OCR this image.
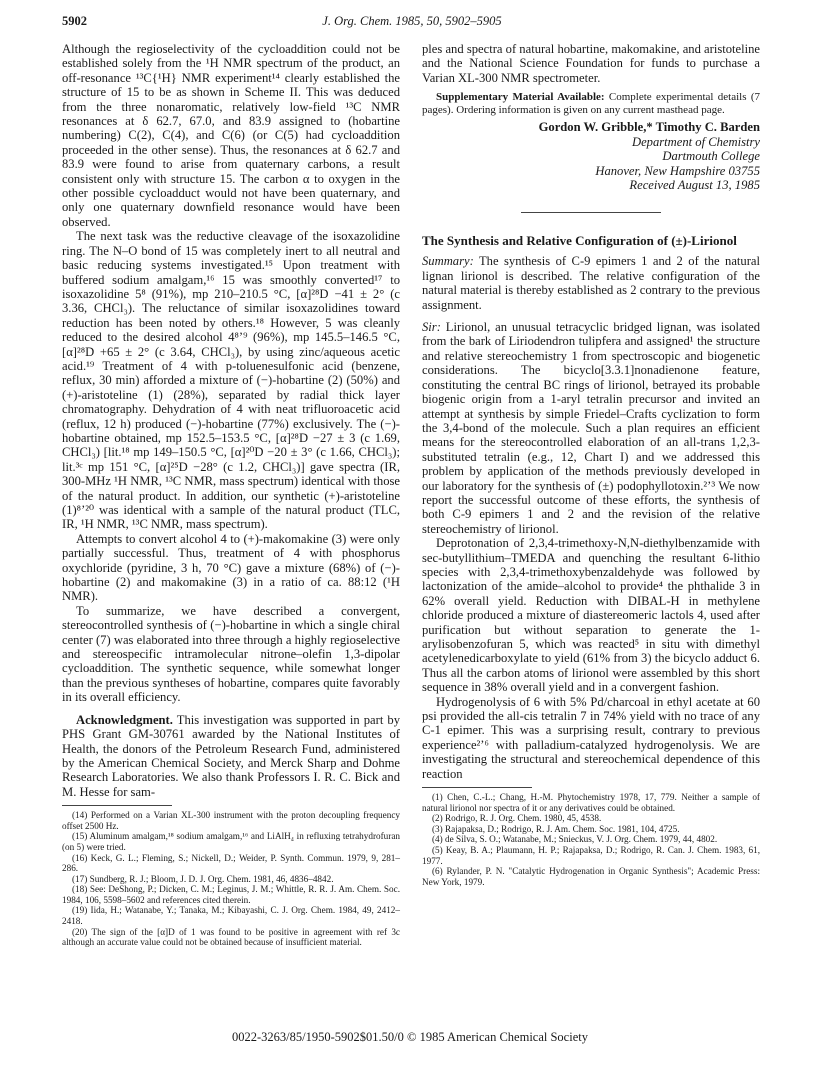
5902	J. Org. Chem. 1985, 50, 5902–5905

Although the regioselectivity of the cycloaddition could not be established solely from the ¹H NMR spectrum of the product, an off-resonance ¹³C{¹H} NMR experiment¹⁴ clearly established the structure of 15 to be as shown in Scheme II. This was deduced from the three nonaromatic, relatively low-field ¹³C NMR resonances at δ 62.7, 67.0, and 83.9 assigned to (hobartine numbering) C(2), C(4), and C(6) (or C(5) had cycloaddition proceeded in the other sense). Thus, the resonances at δ 62.7 and 83.9 were found to arise from quaternary carbons, a result consistent only with structure 15. The carbon α to oxygen in the other possible cycloadduct would not have been quaternary, and only one quaternary downfield resonance would have been observed.

The next task was the reductive cleavage of the isoxazolidine ring. The N–O bond of 15 was completely inert to all neutral and basic reducing systems investigated.¹⁵ Upon treatment with buffered sodium amalgam,¹⁶ 15 was smoothly converted¹⁷ to isoxazolidine 5⁸ (91%), mp 210–210.5 °C, [α]²⁸D −41 ± 2° (c 3.36, CHCl₃). The reluctance of similar isoxazolidines toward reduction has been noted by others.¹⁸ However, 5 was cleanly reduced to the desired alcohol 4⁸ʼ⁹ (96%), mp 145.5–146.5 °C, [α]²⁸D +65 ± 2° (c 3.64, CHCl₃), by using zinc/aqueous acetic acid.¹⁹ Treatment of 4 with p-toluenesulfonic acid (benzene, reflux, 30 min) afforded a mixture of (−)-hobartine (2) (50%) and (+)-aristoteline (1) (28%), separated by radial thick layer chromatography. Dehydration of 4 with neat trifluoroacetic acid (reflux, 12 h) produced (−)-hobartine (77%) exclusively. The (−)-hobartine obtained, mp 152.5–153.5 °C, [α]²⁸D −27 ± 3 (c 1.69, CHCl₃) [lit.¹⁸ mp 149–150.5 °C, [α]²⁰D −20 ± 3° (c 1.66, CHCl₃); lit.³ᶜ mp 151 °C, [α]²⁵D −28° (c 1.2, CHCl₃)] gave spectra (IR, 300-MHz ¹H NMR, ¹³C NMR, mass spectrum) identical with those of the natural product. In addition, our synthetic (+)-aristoteline (1)⁸ʼ²⁰ was identical with a sample of the natural product (TLC, IR, ¹H NMR, ¹³C NMR, mass spectrum).

Attempts to convert alcohol 4 to (+)-makomakine (3) were only partially successful. Thus, treatment of 4 with phosphorus oxychloride (pyridine, 3 h, 70 °C) gave a mixture (68%) of (−)-hobartine (2) and makomakine (3) in a ratio of ca. 88:12 (¹H NMR).

To summarize, we have described a convergent, stereocontrolled synthesis of (−)-hobartine in which a single chiral center (7) was elaborated into three through a highly regioselective and stereospecific intramolecular nitrone–olefin 1,3-dipolar cycloaddition. The synthetic sequence, while somewhat longer than the previous syntheses of hobartine, compares quite favorably in its overall efficiency.

Acknowledgment. This investigation was supported in part by PHS Grant GM-30761 awarded by the National Institutes of Health, the donors of the Petroleum Research Fund, administered by the American Chemical Society, and Merck Sharp and Dohme Research Laboratories. We also thank Professors I. R. C. Bick and M. Hesse for sam-

(14) Performed on a Varian XL-300 instrument with the proton decoupling frequency offset 2500 Hz.

(15) Aluminum amalgam,¹⁸ sodium amalgam,¹⁶ and LiAlH₄ in refluxing tetrahydrofuran (on 5) were tried.

(16) Keck, G. L.; Fleming, S.; Nickell, D.; Weider, P. Synth. Commun. 1979, 9, 281–286.

(17) Sundberg, R. J.; Bloom, J. D. J. Org. Chem. 1981, 46, 4836–4842.

(18) See: DeShong, P.; Dicken, C. M.; Leginus, J. M.; Whittle, R. R. J. Am. Chem. Soc. 1984, 106, 5598–5602 and references cited therein.

(19) Iida, H.; Watanabe, Y.; Tanaka, M.; Kibayashi, C. J. Org. Chem. 1984, 49, 2412–2418.

(20) The sign of the [α]D of 1 was found to be positive in agreement with ref 3c although an accurate value could not be obtained because of insufficient material.

ples and spectra of natural hobartine, makomakine, and aristoteline and the National Science Foundation for funds to purchase a Varian XL-300 NMR spectrometer.

Supplementary Material Available: Complete experimental details (7 pages). Ordering information is given on any current masthead page.

Gordon W. Gribble,* Timothy C. Barden
Department of Chemistry
Dartmouth College
Hanover, New Hampshire 03755
Received August 13, 1985
The Synthesis and Relative Configuration of (±)-Lirionol

Summary: The synthesis of C-9 epimers 1 and 2 of the natural lignan lirionol is described. The relative configuration of the natural material is thereby established as 2 contrary to the previous assignment.

Sir: Lirionol, an unusual tetracyclic bridged lignan, was isolated from the bark of Liriodendron tulipfera and assigned¹ the structure and relative stereochemistry 1 from spectroscopic and biogenetic considerations. The bicyclo[3.3.1]nonadienone feature, constituting the central BC rings of lirionol, betrayed its probable biogenic origin from a 1-aryl tetralin precursor and invited an attempt at synthesis by simple Friedel–Crafts cyclization to form the 3,4-bond of the molecule. Such a plan requires an efficient means for the stereocontrolled elaboration of an all-trans 1,2,3-substituted tetralin (e.g., 12, Chart I) and we addressed this problem by application of the methods previously developed in our laboratory for the synthesis of (±) podophyllotoxin.²ʼ³ We now report the successful outcome of these efforts, the synthesis of both C-9 epimers 1 and 2 and the revision of the relative stereochemistry of lirionol.

Deprotonation of 2,3,4-trimethoxy-N,N-diethylbenzamide with sec-butyllithium–TMEDA and quenching the resultant 6-lithio species with 2,3,4-trimethoxybenzaldehyde was followed by lactonization of the amide–alcohol to provide⁴ the phthalide 3 in 62% overall yield. Reduction with DIBAL-H in methylene chloride produced a mixture of diastereomeric lactols 4, used after purification but without separation to generate the 1-arylisobenzofuran 5, which was reacted⁵ in situ with dimethyl acetylenedicarboxylate to yield (61% from 3) the bicyclo adduct 6. Thus all the carbon atoms of lirionol were assembled by this short sequence in 38% overall yield and in a convergent fashion.

Hydrogenolysis of 6 with 5% Pd/charcoal in ethyl acetate at 60 psi provided the all-cis tetralin 7 in 74% yield with no trace of any C-1 epimer. This was a surprising result, contrary to previous experience²ʼ⁶ with palladium-catalyzed hydrogenolysis. We are investigating the structural and stereochemical dependence of this reaction

(1) Chen, C.-L.; Chang, H.-M. Phytochemistry 1978, 17, 779. Neither a sample of natural lirionol nor spectra of it or any derivatives could be obtained.

(2) Rodrigo, R. J. Org. Chem. 1980, 45, 4538.

(3) Rajapaksa, D.; Rodrigo, R. J. Am. Chem. Soc. 1981, 104, 4725.

(4) de Silva, S. O.; Watanabe, M.; Snieckus, V. J. Org. Chem. 1979, 44, 4802.

(5) Keay, B. A.; Plaumann, H. P.; Rajapaksa, D.; Rodrigo, R. Can. J. Chem. 1983, 61, 1977.

(6) Rylander, P. N. "Catalytic Hydrogenation in Organic Synthesis"; Academic Press: New York, 1979.

0022-3263/85/1950-5902$01.50/0 © 1985 American Chemical Society
